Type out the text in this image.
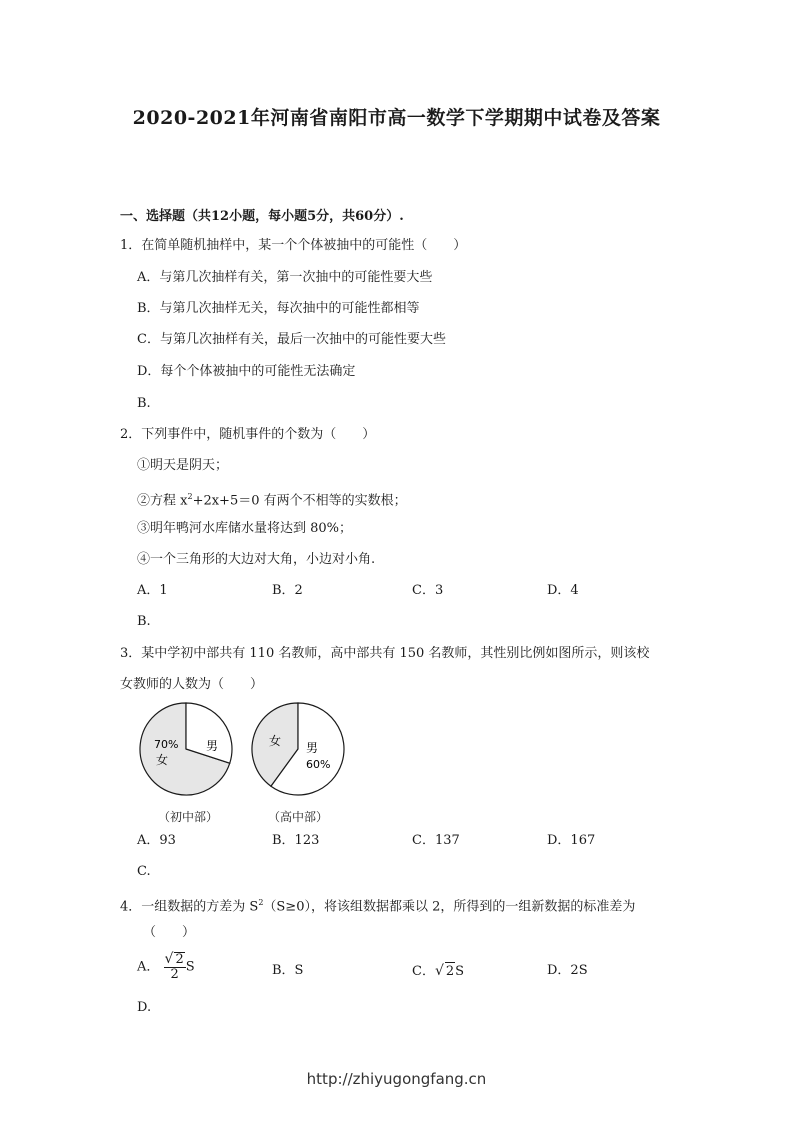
2020-2021年河南省南阳市高一数学下学期期中试卷及答案
一、选择题（共12小题，每小题5分，共60分）.
1．在简单随机抽样中，某一个个体被抽中的可能性（　　）
A．与第几次抽样有关，第一次抽中的可能性要大些
B．与第几次抽样无关，每次抽中的可能性都相等
C．与第几次抽样有关，最后一次抽中的可能性要大些
D．每个个体被抽中的可能性无法确定
B.
2．下列事件中，随机事件的个数为（　　）
①明天是阴天；
②方程 $x^2+2x+5=0$ 有两个不相等的实数根；
③明年鸭河水库储水量将达到 80%；
④一个三角形的大边对大角，小边对小角.
A．1	B．2	C．3	D．4
B.
3．某中学初中部共有 110 名教师，高中部共有 150 名教师，其性别比例如图所示，则该校
女教师的人数为（　　）
70%
女
男	女 男
60%
（初中部）	（高中部）
A．93	B．123	C．137	D．167
C.
4．一组数据的方差为 $S^2(S\ge 0)$，将该组数据都乘以 2，所得到的一组新数据的标准差为
（　　）
A． $\frac{√ 2}{2}$ S	B．S	C．√ 2S	D．2S
D.
http://zhiyugongfang.cn
